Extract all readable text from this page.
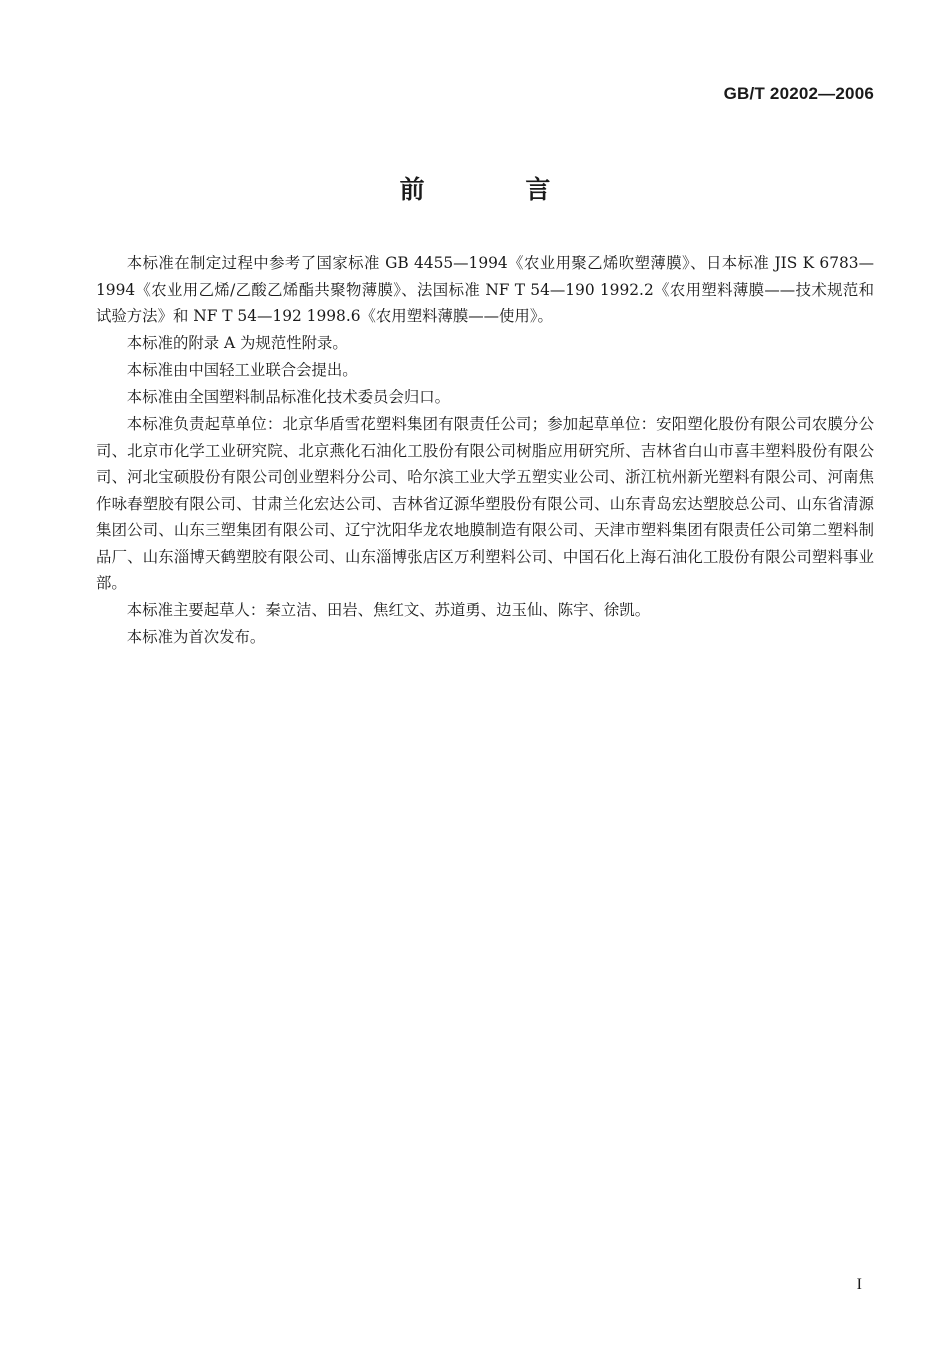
GB/T 20202—2006
前 言

本标准在制定过程中参考了国家标准 GB 4455—1994《农业用聚乙烯吹塑薄膜》、日本标准 JIS K 6783—1994《农业用乙烯/乙酸乙烯酯共聚物薄膜》、法国标准 NF T 54—190 1992.2《农用塑料薄膜——技术规范和试验方法》和 NF T 54—192 1998.6《农用塑料薄膜——使用》。

本标准的附录 A 为规范性附录。

本标准由中国轻工业联合会提出。

本标准由全国塑料制品标准化技术委员会归口。

本标准负责起草单位：北京华盾雪花塑料集团有限责任公司；参加起草单位：安阳塑化股份有限公司农膜分公司、北京市化学工业研究院、北京燕化石油化工股份有限公司树脂应用研究所、吉林省白山市喜丰塑料股份有限公司、河北宝硕股份有限公司创业塑料分公司、哈尔滨工业大学五塑实业公司、浙江杭州新光塑料有限公司、河南焦作咏春塑胶有限公司、甘肃兰化宏达公司、吉林省辽源华塑股份有限公司、山东青岛宏达塑胶总公司、山东省清源集团公司、山东三塑集团有限公司、辽宁沈阳华龙农地膜制造有限公司、天津市塑料集团有限责任公司第二塑料制品厂、山东淄博天鹤塑胶有限公司、山东淄博张店区万利塑料公司、中国石化上海石油化工股份有限公司塑料事业部。

本标准主要起草人：秦立洁、田岩、焦红文、苏道勇、边玉仙、陈宇、徐凯。

本标准为首次发布。

I
